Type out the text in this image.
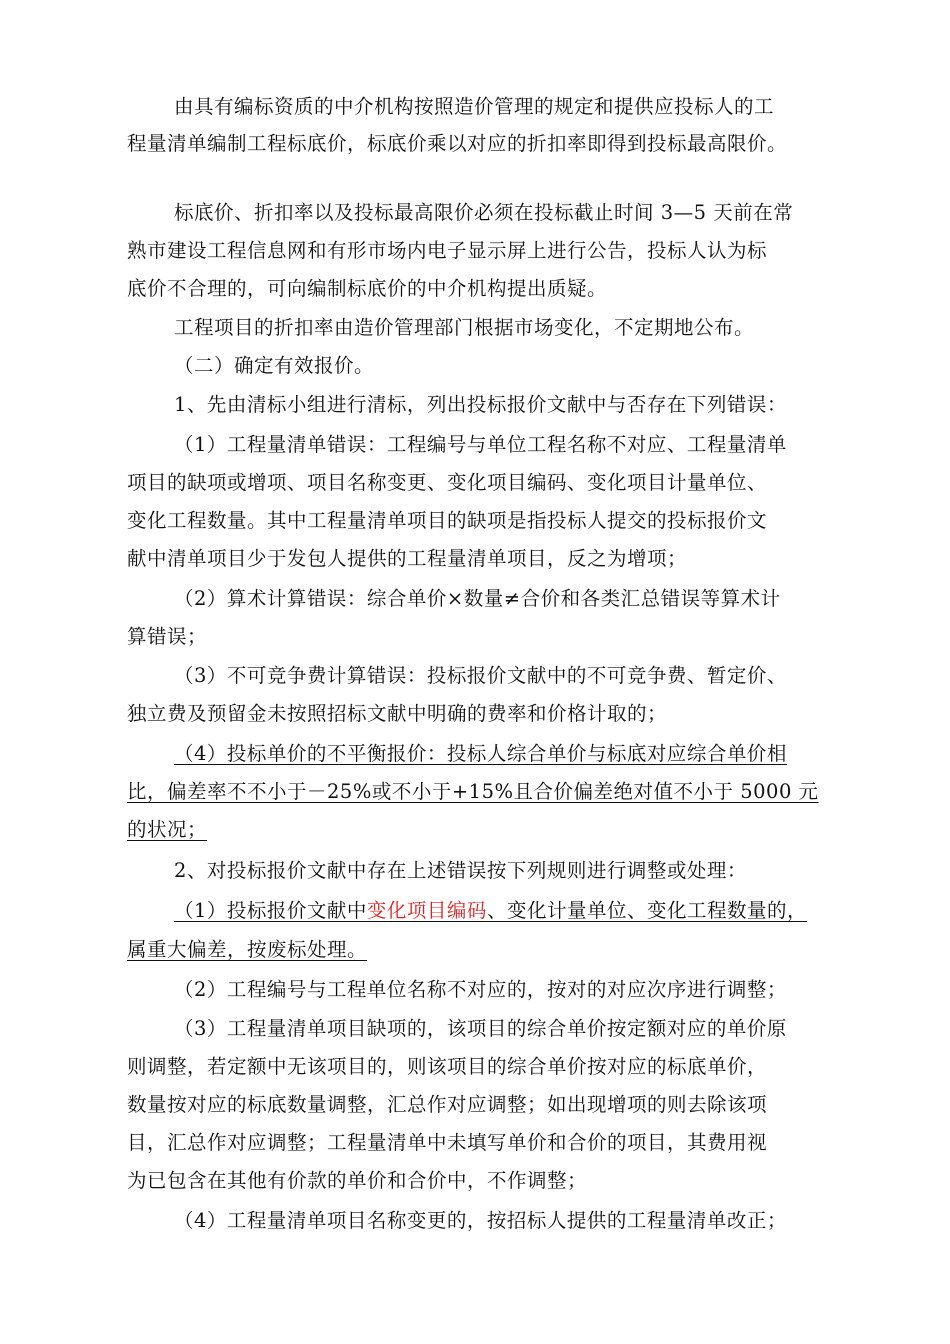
由具有编标资质的中介机构按照造价管理的规定和提供应投标人的工
程量清单编制工程标底价，标底价乘以对应的折扣率即得到投标最高限价。
标底价、折扣率以及投标最高限价必须在投标截止时间 3—5 天前在常
熟市建设工程信息网和有形市场内电子显示屏上进行公告，投标人认为标
底价不合理的，可向编制标底价的中介机构提出质疑。
工程项目的折扣率由造价管理部门根据市场变化，不定期地公布。
（二）确定有效报价。
1、先由清标小组进行清标，列出投标报价文献中与否存在下列错误：
（1）工程量清单错误：工程编号与单位工程名称不对应、工程量清单
项目的缺项或增项、项目名称变更、变化项目编码、变化项目计量单位、
变化工程数量。其中工程量清单项目的缺项是指投标人提交的投标报价文
献中清单项目少于发包人提供的工程量清单项目，反之为增项；
（2）算术计算错误：综合单价×数量≠合价和各类汇总错误等算术计
算错误；
（3）不可竞争费计算错误：投标报价文献中的不可竞争费、暂定价、
独立费及预留金未按照招标文献中明确的费率和价格计取的；
（4）投标单价的不平衡报价：投标人综合单价与标底对应综合单价相
比，偏差率不不小于－25%或不小于+15%且合价偏差绝对值不小于 5000 元
的状况；
2、对投标报价文献中存在上述错误按下列规则进行调整或处理：
（1）投标报价文献中变化项目编码、变化计量单位、变化工程数量的，
属重大偏差，按废标处理。
（2）工程编号与工程单位名称不对应的，按对的对应次序进行调整；
（3）工程量清单项目缺项的，该项目的综合单价按定额对应的单价原
则调整，若定额中无该项目的，则该项目的综合单价按对应的标底单价，
数量按对应的标底数量调整，汇总作对应调整；如出现增项的则去除该项
目，汇总作对应调整；工程量清单中未填写单价和合价的项目，其费用视
为已包含在其他有价款的单价和合价中，不作调整；
（4）工程量清单项目名称变更的，按招标人提供的工程量清单改正；
